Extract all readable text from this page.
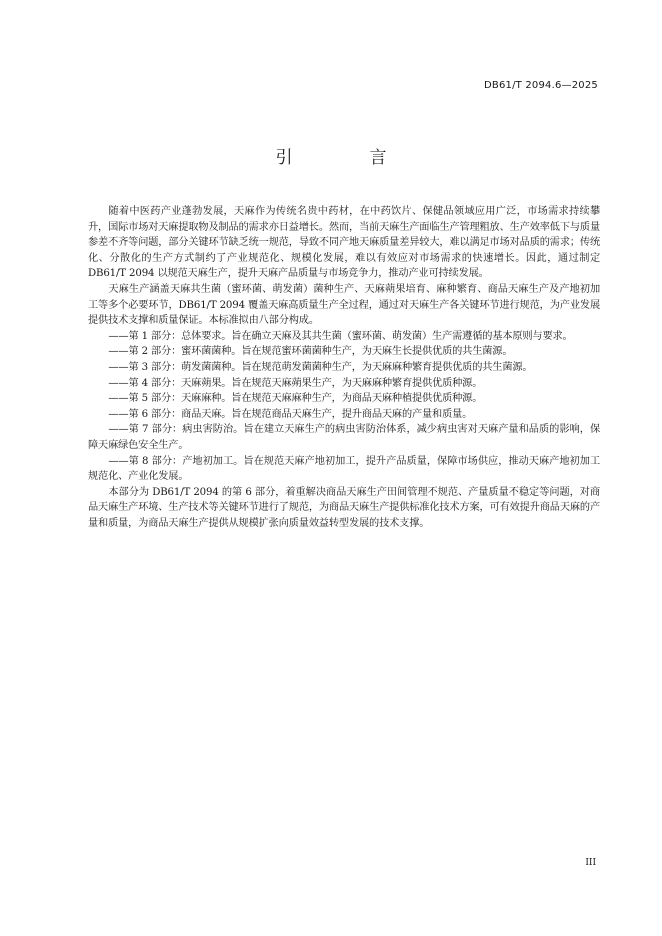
DB61/T 2094.6—2025
引　言

随着中医药产业蓬勃发展，天麻作为传统名贵中药材，在中药饮片、保健品领域应用广泛，市场需求持续攀升，国际市场对天麻提取物及制品的需求亦日益增长。然而，当前天麻生产面临生产管理粗放、生产效率低下与质量参差不齐等问题，部分关键环节缺乏统一规范，导致不同产地天麻质量差异较大，难以满足市场对品质的需求；传统化、分散化的生产方式制约了产业规范化、规模化发展，难以有效应对市场需求的快速增长。因此，通过制定 DB61/T 2094 以规范天麻生产，提升天麻产品质量与市场竞争力，推动产业可持续发展。

天麻生产涵盖天麻共生菌（蜜环菌、萌发菌）菌种生产、天麻蒴果培育、麻种繁育、商品天麻生产及产地初加工等多个必要环节，DB61/T 2094 覆盖天麻高质量生产全过程，通过对天麻生产各关键环节进行规范，为产业发展提供技术支撑和质量保证。本标准拟由八部分构成。

——第 1 部分：总体要求。旨在确立天麻及其共生菌（蜜环菌、萌发菌）生产需遵循的基本原则与要求。

——第 2 部分：蜜环菌菌种。旨在规范蜜环菌菌种生产，为天麻生长提供优质的共生菌源。

——第 3 部分：萌发菌菌种。旨在规范萌发菌菌种生产，为天麻麻种繁育提供优质的共生菌源。

——第 4 部分：天麻蒴果。旨在规范天麻蒴果生产，为天麻麻种繁育提供优质种源。

——第 5 部分：天麻麻种。旨在规范天麻麻种生产，为商品天麻种植提供优质种源。

——第 6 部分：商品天麻。旨在规范商品天麻生产，提升商品天麻的产量和质量。

——第 7 部分：病虫害防治。旨在建立天麻生产的病虫害防治体系，减少病虫害对天麻产量和品质的影响，保障天麻绿色安全生产。

——第 8 部分：产地初加工。旨在规范天麻产地初加工，提升产品质量，保障市场供应，推动天麻产地初加工规范化、产业化发展。

本部分为 DB61/T 2094 的第 6 部分，着重解决商品天麻生产田间管理不规范、产量质量不稳定等问题，对商品天麻生产环境、生产技术等关键环节进行了规范，为商品天麻生产提供标准化技术方案，可有效提升商品天麻的产量和质量，为商品天麻生产提供从规模扩张向质量效益转型发展的技术支撑。

III
